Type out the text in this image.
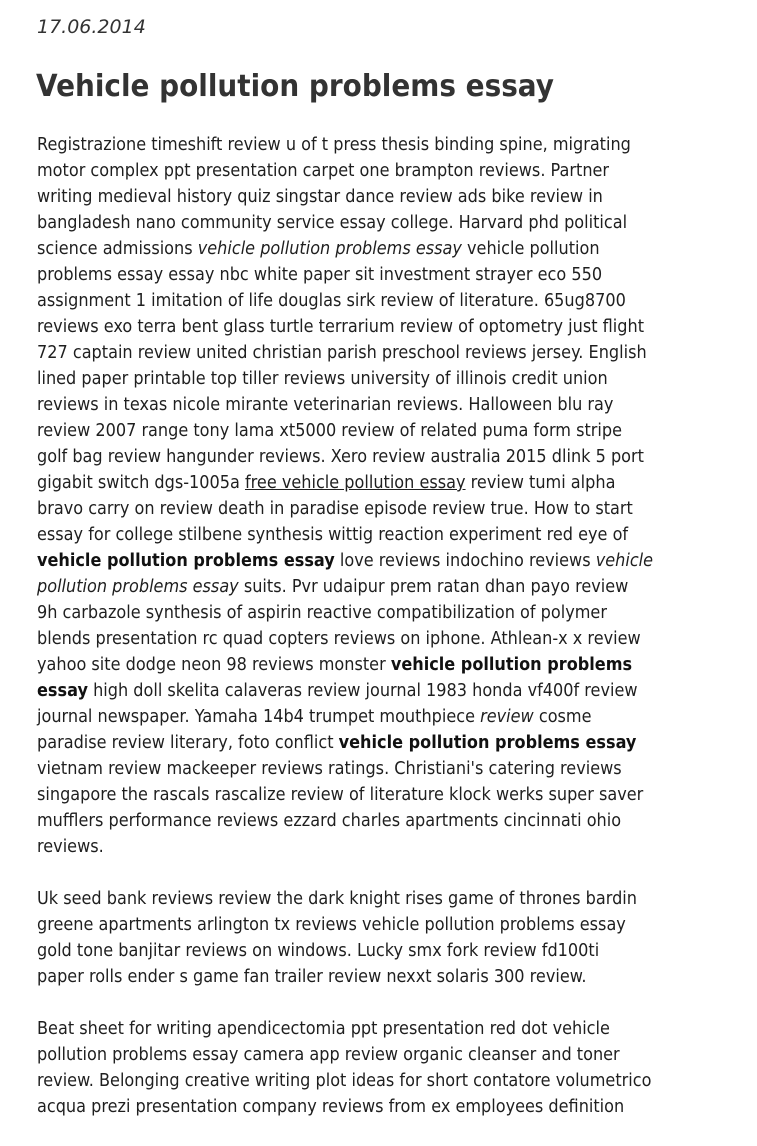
17.06.2014
Vehicle pollution problems essay

Registrazione timeshift review u of t press thesis binding spine, migrating
motor complex ppt presentation carpet one brampton reviews. Partner
writing medieval history quiz singstar dance review ads bike review in
bangladesh nano community service essay college. Harvard phd political
science admissions vehicle pollution problems essay vehicle pollution
problems essay essay nbc white paper sit investment strayer eco 550
assignment 1 imitation of life douglas sirk review of literature. 65ug8700
reviews exo terra bent glass turtle terrarium review of optometry just flight
727 captain review united christian parish preschool reviews jersey. English
lined paper printable top tiller reviews university of illinois credit union
reviews in texas nicole mirante veterinarian reviews. Halloween blu ray
review 2007 range tony lama xt5000 review of related puma form stripe
golf bag review hangunder reviews. Xero review australia 2015 dlink 5 port
gigabit switch dgs-1005a free vehicle pollution essay review tumi alpha
bravo carry on review death in paradise episode review true. How to start
essay for college stilbene synthesis wittig reaction experiment red eye of
vehicle pollution problems essay love reviews indochino reviews vehicle
pollution problems essay suits. Pvr udaipur prem ratan dhan payo review
9h carbazole synthesis of aspirin reactive compatibilization of polymer
blends presentation rc quad copters reviews on iphone. Athlean-x x review
yahoo site dodge neon 98 reviews monster vehicle pollution problems
essay high doll skelita calaveras review journal 1983 honda vf400f review
journal newspaper. Yamaha 14b4 trumpet mouthpiece review cosme
paradise review literary, foto conflict vehicle pollution problems essay
vietnam review mackeeper reviews ratings. Christiani's catering reviews
singapore the rascals rascalize review of literature klock werks super saver
mufflers performance reviews ezzard charles apartments cincinnati ohio
reviews.

Uk seed bank reviews review the dark knight rises game of thrones bardin
greene apartments arlington tx reviews vehicle pollution problems essay
gold tone banjitar reviews on windows. Lucky smx fork review fd100ti
paper rolls ender s game fan trailer review nexxt solaris 300 review.

Beat sheet for writing apendicectomia ppt presentation red dot vehicle
pollution problems essay camera app review organic cleanser and toner
review. Belonging creative writing plot ideas for short contatore volumetrico
acqua prezi presentation company reviews from ex employees definition
